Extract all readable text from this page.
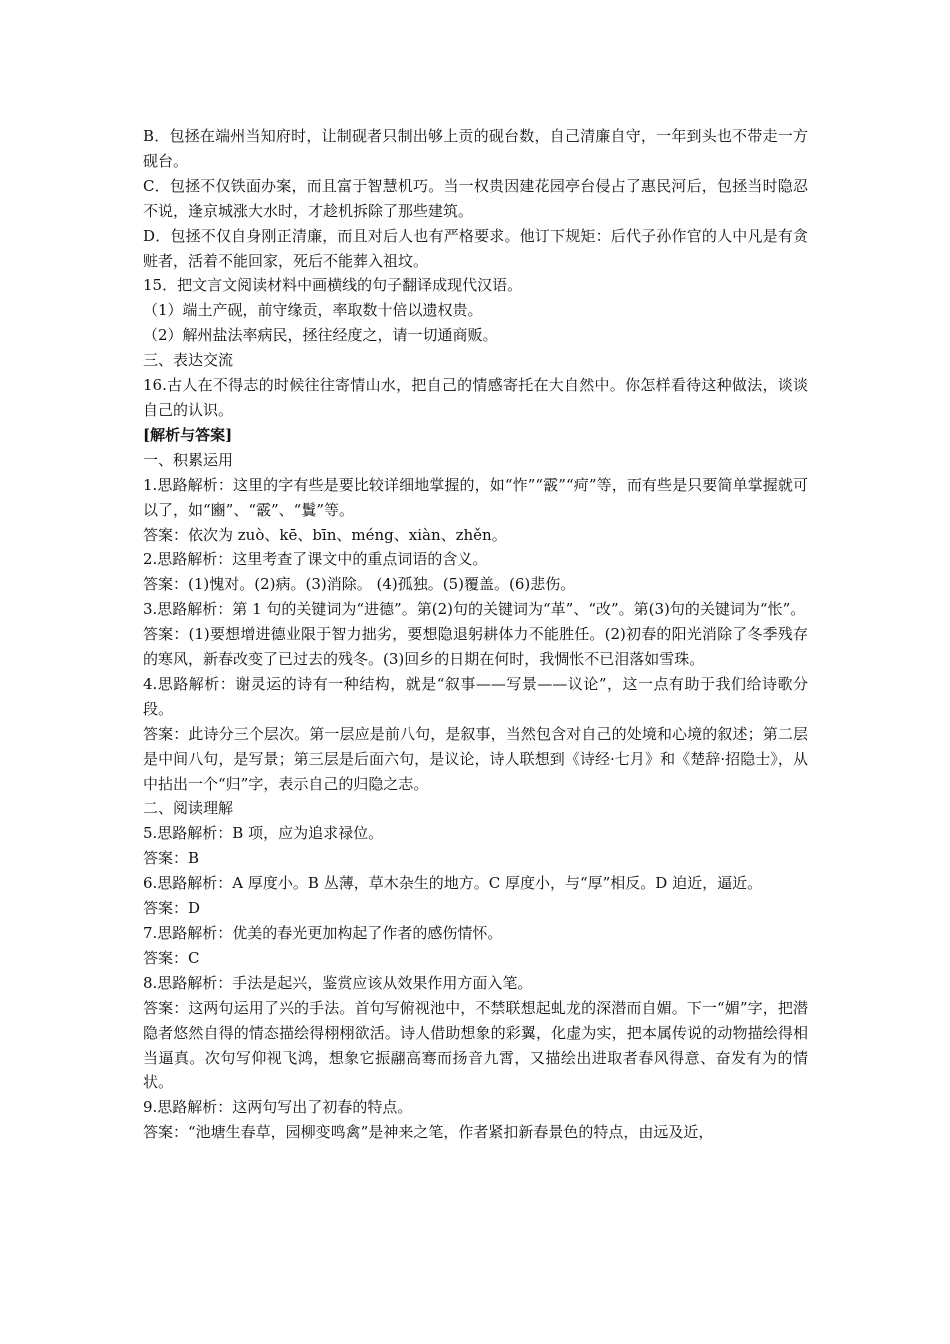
B．包拯在端州当知府时，让制砚者只制出够上贡的砚台数，自己清廉自守，一年到头也不带走一方砚台。

C．包拯不仅铁面办案，而且富于智慧机巧。当一权贵因建花园亭台侵占了惠民河后，包拯当时隐忍不说，逢京城涨大水时，才趁机拆除了那些建筑。

D．包拯不仅自身刚正清廉，而且对后人也有严格要求。他订下规矩：后代子孙作官的人中凡是有贪赃者，活着不能回家，死后不能葬入祖坟。

15．把文言文阅读材料中画横线的句子翻译成现代汉语。

（1）端土产砚，前守缘贡，率取数十倍以遗权贵。

（2）解州盐法率病民，拯往经度之，请一切通商贩。

三、表达交流

16.古人在不得志的时候往往寄情山水，把自己的情感寄托在大自然中。你怎样看待这种做法，谈谈自己的认识。

[解析与答案]

一、积累运用

1.思路解析：这里的字有些是要比较详细地掌握的，如“怍”“霰”“疴”等，而有些是只要简单掌握就可以了，如“豳”、“霰”、“鬒”等。

答案：依次为 zuò、kē、bīn、méng、xiàn、zhěn。

2.思路解析：这里考查了课文中的重点词语的含义。

答案：(1)愧对。(2)病。(3)消除。 (4)孤独。(5)覆盖。(6)悲伤。

3.思路解析：第 1 句的关键词为“进德”。第(2)句的关键词为“革”、“改”。第(3)句的关键词为“怅”。

答案：(1)要想增进德业限于智力拙劣，要想隐退躬耕体力不能胜任。(2)初春的阳光消除了冬季残存的寒风，新春改变了已过去的残冬。(3)回乡的日期在何时，我惆怅不已泪落如雪珠。

4.思路解析：谢灵运的诗有一种结构，就是“叙事——写景——议论”，这一点有助于我们给诗歌分段。

答案：此诗分三个层次。第一层应是前八句，是叙事，当然包含对自己的处境和心境的叙述；第二层是中间八句，是写景；第三层是后面六句，是议论，诗人联想到《诗经·七月》和《楚辞·招隐士》，从中拈出一个“归”字，表示自己的归隐之志。

二、阅读理解

5.思路解析：B 项，应为追求禄位。

答案：B

6.思路解析：A 厚度小。B 丛薄，草木杂生的地方。C 厚度小，与“厚”相反。D 迫近，逼近。

答案：D

7.思路解析：优美的春光更加构起了作者的感伤情怀。

答案：C

8.思路解析：手法是起兴，鉴赏应该从效果作用方面入笔。

答案：这两句运用了兴的手法。首句写俯视池中，不禁联想起虬龙的深潜而自媚。下一“媚”字，把潜隐者悠然自得的情态描绘得栩栩欲活。诗人借助想象的彩翼，化虚为实，把本属传说的动物描绘得相当逼真。次句写仰视飞鸿，想象它振翮高骞而扬音九霄，又描绘出进取者春风得意、奋发有为的情状。

9.思路解析：这两句写出了初春的特点。

答案：“池塘生春草，园柳变鸣禽”是神来之笔，作者紧扣新春景色的特点，由远及近，
